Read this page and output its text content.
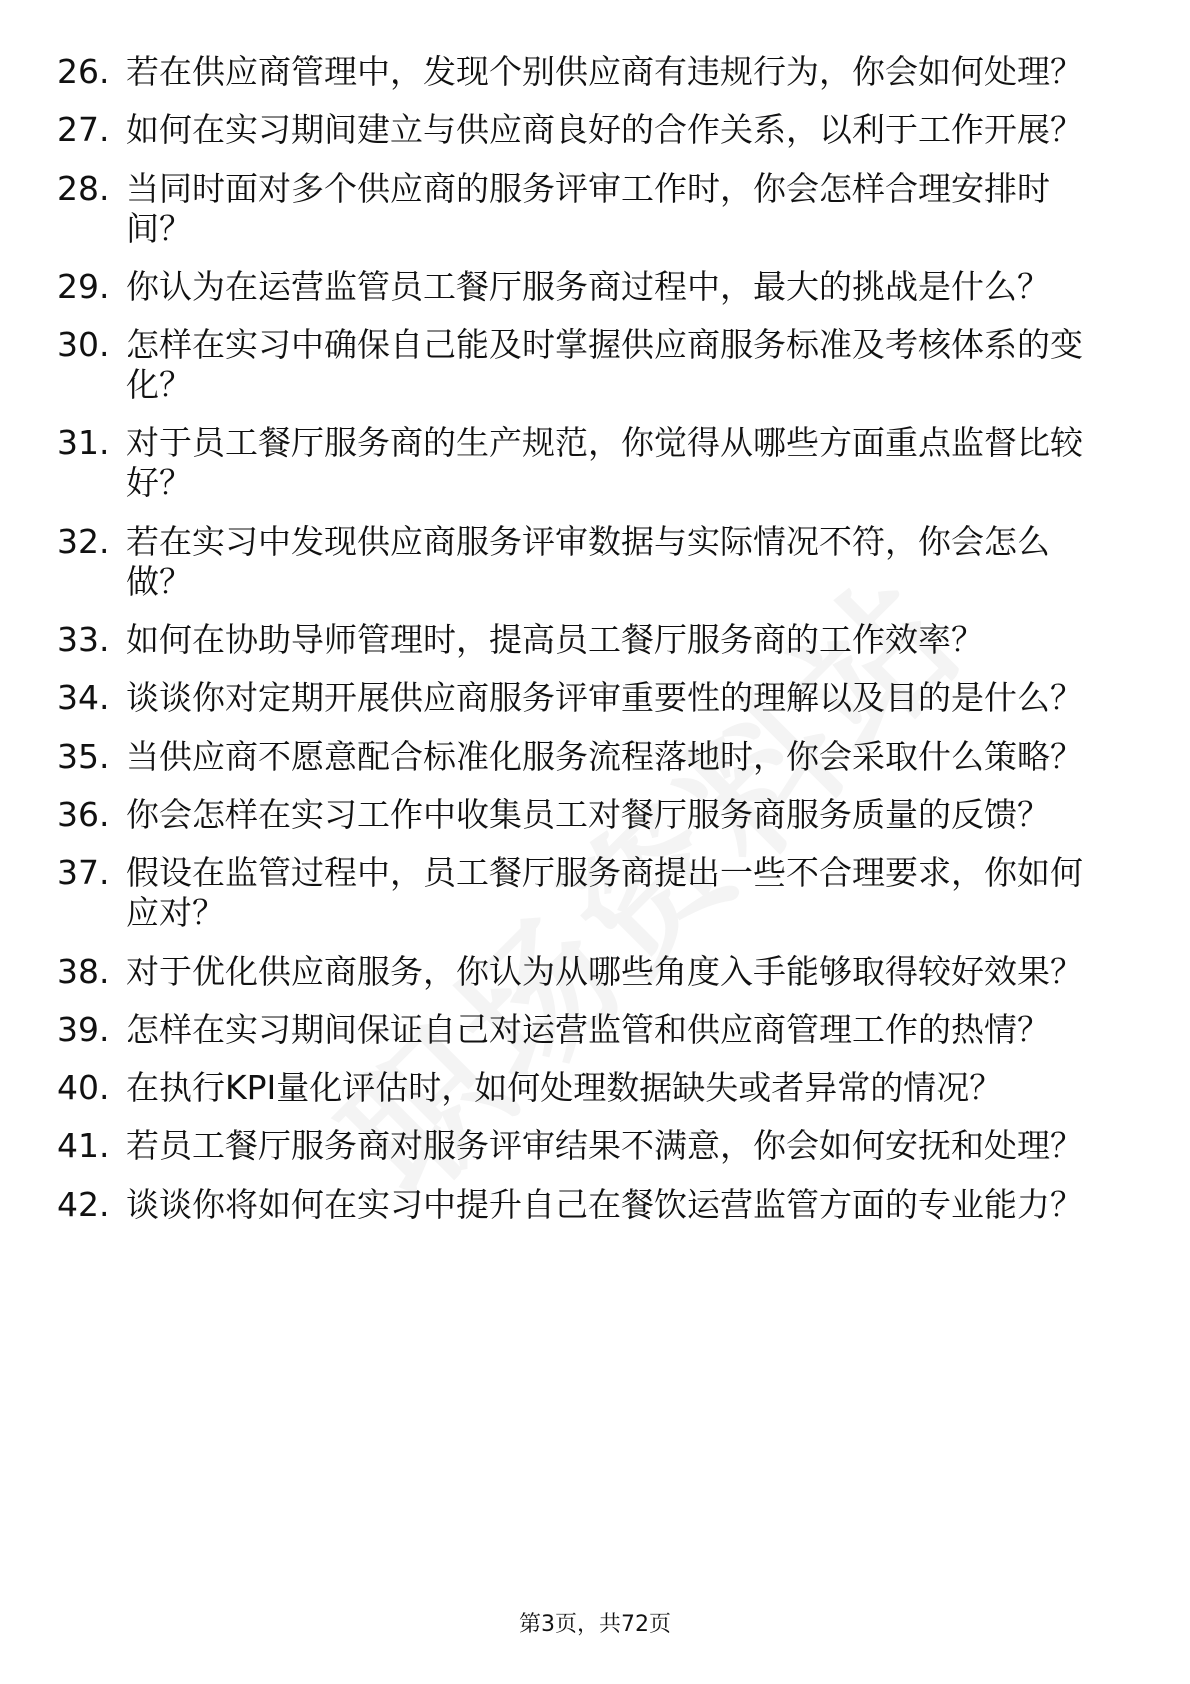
26. 若在供应商管理中，发现个别供应商有违规行为，你会如何处理？
27. 如何在实习期间建立与供应商良好的合作关系，以利于工作开展？
28. 当同时面对多个供应商的服务评审工作时，你会怎样合理安排时间？
29. 你认为在运营监管员工餐厅服务商过程中，最大的挑战是什么？
30. 怎样在实习中确保自己能及时掌握供应商服务标准及考核体系的变化？
31. 对于员工餐厅服务商的生产规范，你觉得从哪些方面重点监督比较好？
32. 若在实习中发现供应商服务评审数据与实际情况不符，你会怎么做？
33. 如何在协助导师管理时，提高员工餐厅服务商的工作效率？
34. 谈谈你对定期开展供应商服务评审重要性的理解以及目的是什么？
35. 当供应商不愿意配合标准化服务流程落地时，你会采取什么策略？
36. 你会怎样在实习工作中收集员工对餐厅服务商服务质量的反馈？
37. 假设在监管过程中，员工餐厅服务商提出一些不合理要求，你如何应对？
38. 对于优化供应商服务，你认为从哪些角度入手能够取得较好效果？
39. 怎样在实习期间保证自己对运营监管和供应商管理工作的热情？
40. 在执行KPI量化评估时，如何处理数据缺失或者异常的情况？
41. 若员工餐厅服务商对服务评审结果不满意，你会如何安抚和处理？
42. 谈谈你将如何在实习中提升自己在餐饮运营监管方面的专业能力？
第3页，共72页
